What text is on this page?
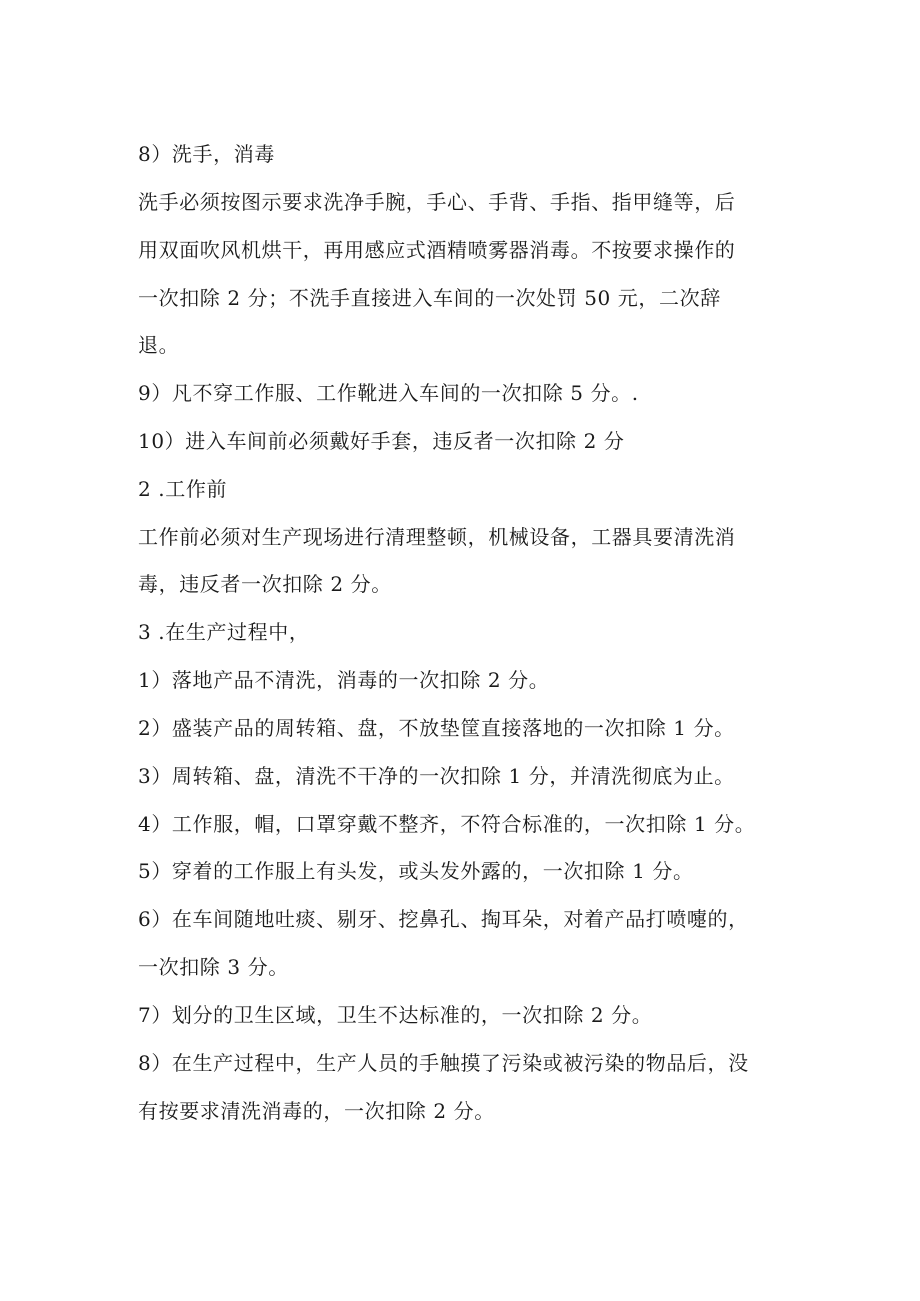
8）洗手，消毒
洗手必须按图示要求洗净手腕，手心、手背、手指、指甲缝等，后
用双面吹风机烘干，再用感应式酒精喷雾器消毒。不按要求操作的
一次扣除 2 分；不洗手直接进入车间的一次处罚 50 元，二次辞
退。
9）凡不穿工作服、工作靴进入车间的一次扣除 5 分。.
10）进入车间前必须戴好手套，违反者一次扣除 2 分
2 .工作前
工作前必须对生产现场进行清理整顿，机械设备，工器具要清洗消
毒，违反者一次扣除 2 分。
3 .在生产过程中，
1）落地产品不清洗，消毒的一次扣除 2 分。
2）盛装产品的周转箱、盘，不放垫筐直接落地的一次扣除 1 分。
3）周转箱、盘，清洗不干净的一次扣除 1 分，并清洗彻底为止。
4）工作服，帽，口罩穿戴不整齐，不符合标准的，一次扣除 1 分。
5）穿着的工作服上有头发，或头发外露的，一次扣除 1 分。
6）在车间随地吐痰、剔牙、挖鼻孔、掏耳朵，对着产品打喷嚏的，
一次扣除 3 分。
7）划分的卫生区域，卫生不达标准的，一次扣除 2 分。
8）在生产过程中，生产人员的手触摸了污染或被污染的物品后，没
有按要求清洗消毒的，一次扣除 2 分。
